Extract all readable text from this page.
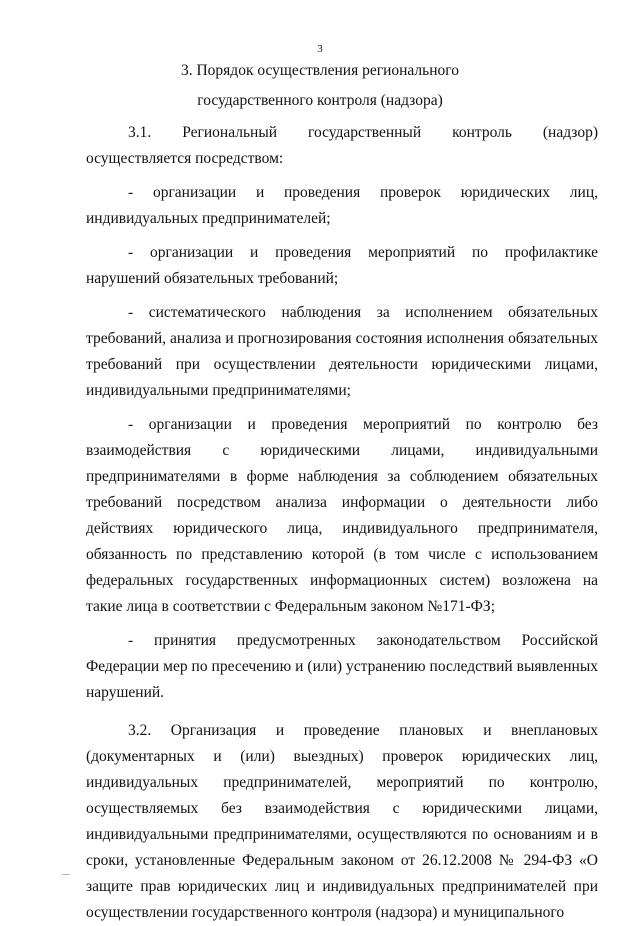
3
3. Порядок осуществления регионального
государственного контроля (надзора)

3.1. Региональный государственный контроль (надзор) осуществляется посредством:

- организации и проведения проверок юридических лиц, индивидуальных предпринимателей;

- организации и проведения мероприятий по профилактике нарушений обязательных требований;

- систематического наблюдения за исполнением обязательных требований, анализа и прогнозирования состояния исполнения обязательных требований при осуществлении деятельности юридическими лицами, индивидуальными предпринимателями;

- организации и проведения мероприятий по контролю без взаимодействия с юридическими лицами, индивидуальными предпринимателями в форме наблюдения за соблюдением обязательных требований посредством анализа информации о деятельности либо действиях юридического лица, индивидуального предпринимателя, обязанность по представлению которой (в том числе с использованием федеральных государственных информационных систем) возложена на такие лица в соответствии с Федеральным законом №171-ФЗ;

- принятия предусмотренных законодательством Российской Федерации мер по пресечению и (или) устранению последствий выявленных нарушений.

3.2. Организация и проведение плановых и внеплановых (документарных и (или) выездных) проверок юридических лиц, индивидуальных предпринимателей, мероприятий по контролю, осуществляемых без взаимодействия с юридическими лицами, индивидуальными предпринимателями, осуществляются по основаниям и в сроки, установленные Федеральным законом от 26.12.2008 № 294-ФЗ «О защите прав юридических лиц и индивидуальных предпринимателей при осуществлении государственного контроля (надзора) и муниципального
